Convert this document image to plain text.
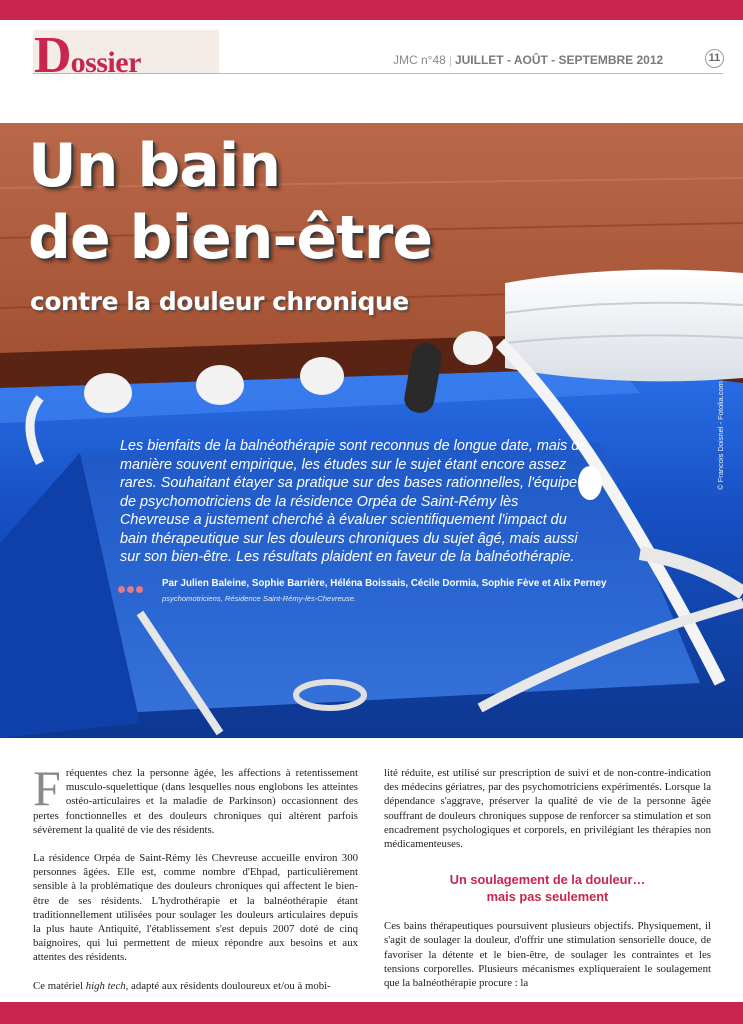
Dossier	JMC n°48 | JUILLET - AOÛT - SEPTEMBRE 2012	11
Un bain
de bien-être
contre la douleur chronique
Les bienfaits de la balnéothérapie sont reconnus de longue date, mais de manière souvent empirique, les études sur le sujet étant encore assez rares. Souhaitant étayer sa pratique sur des bases rationnelles, l'équipe de psychomotriciens de la résidence Orpéa de Saint-Rémy lès Chevreuse a justement cherché à évaluer scientifiquement l'impact du bain thérapeutique sur les douleurs chroniques du sujet âgé, mais aussi sur son bien-être. Les résultats plaident en faveur de la balnéothérapie.
Par Julien Baleine, Sophie Barrière, Héléna Boissais, Cécile Dormia, Sophie Fève et Alix Perney
psychomotriciens, Résidence Saint-Rémy-lès-Chevreuse.
© Francois Doisnel - Fotolia.com

Fréquentes chez la personne âgée, les affections à retentissement musculo-squelettique (dans lesquelles nous englobons les atteintes ostéo-articulaires et la maladie de Parkinson) occasionnent des pertes fonctionnelles et des douleurs chroniques qui altèrent parfois sévèrement la qualité de vie des résidents.

La résidence Orpéa de Saint-Rémy lès Chevreuse accueille environ 300 personnes âgées. Elle est, comme nombre d'Ehpad, particulièrement sensible à la problématique des douleurs chroniques qui affectent le bien-être de ses résidents. L'hydrothérapie et la balnéothérapie étant traditionnellement utilisées pour soulager les douleurs articulaires depuis la plus haute Antiquité, l'établissement s'est depuis 2007 doté de cinq baignoires, qui lui permettent de mieux répondre aux besoins et aux attentes des résidents.

Ce matériel high tech, adapté aux résidents douloureux et/ou à mobi-

lité réduite, est utilisé sur prescription de suivi et de non-contre-indication des médecins gériatres, par des psychomotriciens expérimentés. Lorsque la dépendance s'aggrave, préserver la qualité de vie de la personne âgée souffrant de douleurs chroniques suppose de renforcer sa stimulation et son encadrement psychologiques et corporels, en privilégiant les thérapies non médicamenteuses.

Un soulagement de la douleur…
mais pas seulement

Ces bains thérapeutiques poursuivent plusieurs objectifs. Physiquement, il s'agit de soulager la douleur, d'offrir une stimulation sensorielle douce, de favoriser la détente et le bien-être, de soulager les contraintes et les tensions corporelles. Plusieurs mécanismes expliqueraient le soulagement que la balnéothérapie procure : la
